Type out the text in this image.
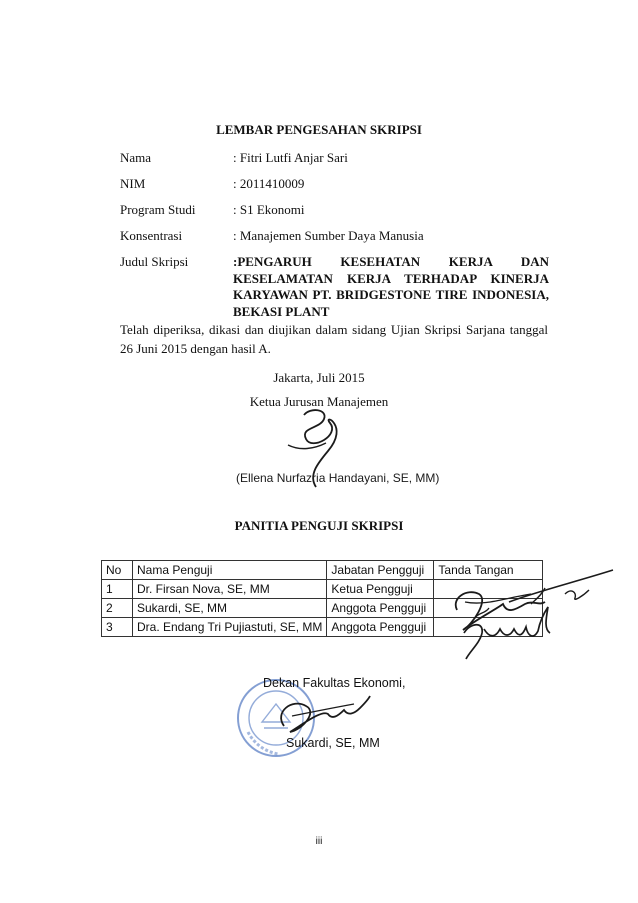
LEMBAR PENGESAHAN SKRIPSI
Nama	: Fitri Lutfi Anjar Sari
NIM	: 2011410009
Program Studi	: S1 Ekonomi
Konsentrasi	: Manajemen Sumber Daya Manusia
Judul Skripsi	:PENGARUH KESEHATAN KERJA DAN
KESELAMATAN KERJA TERHADAP KINERJA
KARYAWAN PT. BRIDGESTONE TIRE INDONESIA,
BEKASI PLANT
Telah diperiksa, dikasi dan diujikan dalam sidang Ujian Skripsi Sarjana tanggal 26 Juni 2015 dengan hasil A.
Jakarta, Juli 2015
Ketua Jurusan Manajemen
(Ellena Nurfazria Handayani, SE, MM)
PANITIA PENGUJI SKRIPSI
No	Nama Penguji	Jabatan Pengguji	Tanda Tangan
1	Dr. Firsan Nova, SE, MM	Ketua Pengguji	
2	Sukardi, SE, MM	Anggota Pengguji	
3	Dra. Endang Tri Pujiastuti, SE, MM	Anggota Pengguji	
Dekan Fakultas Ekonomi,
Sukardi, SE, MM
iii
